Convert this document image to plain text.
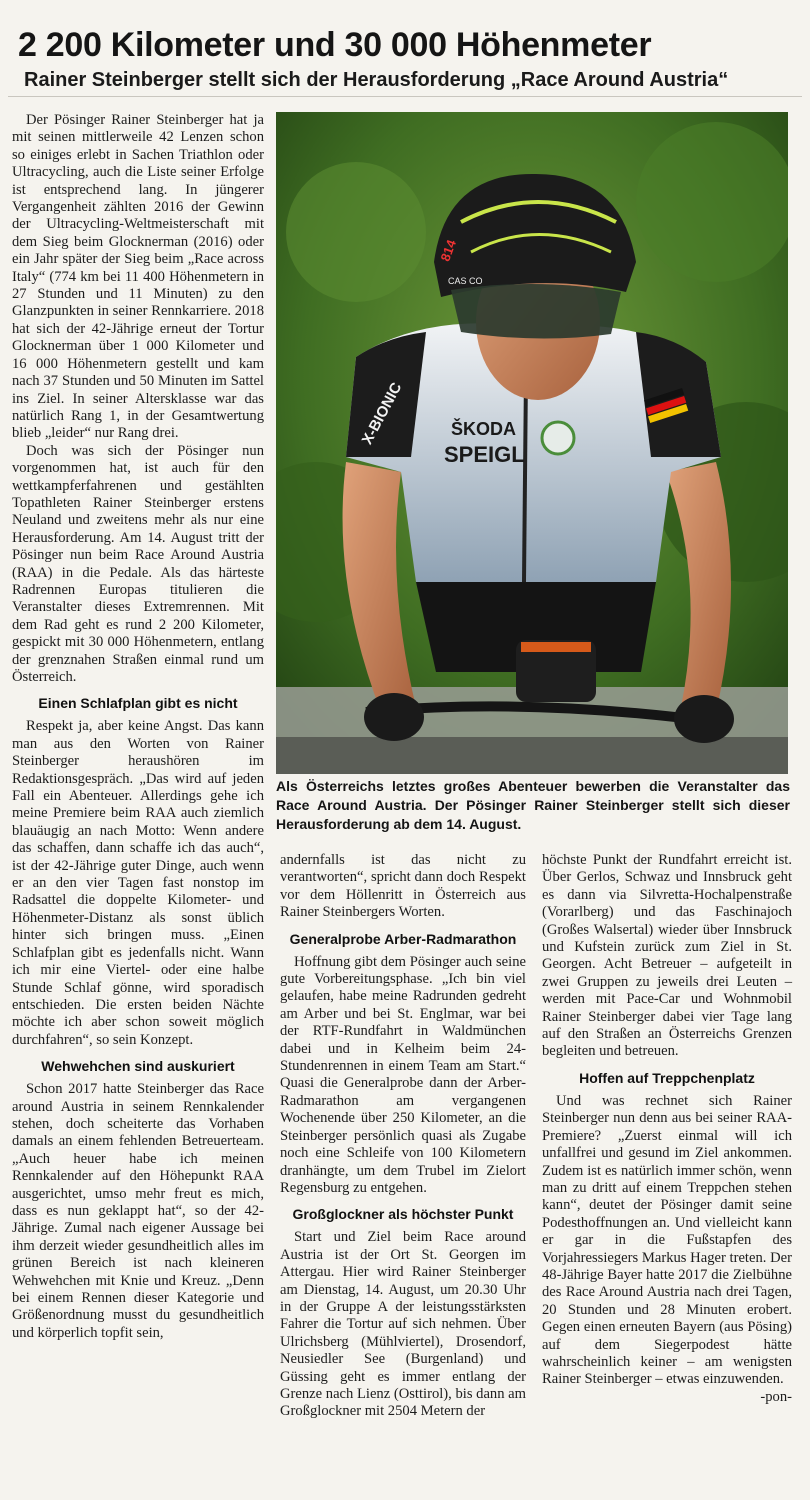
2 200 Kilometer und 30 000 Höhenmeter
Rainer Steinberger stellt sich der Herausforderung „Race Around Austria“

Der Pösinger Rainer Steinberger hat ja mit seinen mittlerweile 42 Lenzen schon so einiges erlebt in Sachen Triathlon oder Ultracycling, auch die Liste seiner Erfolge ist entsprechend lang. In jüngerer Vergangenheit zählten 2016 der Gewinn der Ultracycling-Weltmeisterschaft mit dem Sieg beim Glocknerman (2016) oder ein Jahr später der Sieg beim „Race across Italy“ (774 km bei 11 400 Höhenmetern in 27 Stunden und 11 Minuten) zu den Glanzpunkten in seiner Rennkarriere. 2018 hat sich der 42-Jährige erneut der Tortur Glocknerman über 1 000 Kilometer und 16 000 Höhenmetern gestellt und kam nach 37 Stunden und 50 Minuten im Sattel ins Ziel. In seiner Altersklasse war das natürlich Rang 1, in der Gesamtwertung blieb „leider“ nur Rang drei.

Doch was sich der Pösinger nun vorgenommen hat, ist auch für den wettkampferfahrenen und gestählten Topathleten Rainer Steinberger erstens Neuland und zweitens mehr als nur eine Herausforderung. Am 14. August tritt der Pösinger nun beim Race Around Austria (RAA) in die Pedale. Als das härteste Radrennen Europas titulieren die Veranstalter dieses Extremrennen. Mit dem Rad geht es rund 2 200 Kilometer, gespickt mit 30 000 Höhenmetern, entlang der grenznahen Straßen einmal rund um Österreich.

Einen Schlafplan gibt es nicht

Respekt ja, aber keine Angst. Das kann man aus den Worten von Rainer Steinberger heraushören im Redaktionsgespräch. „Das wird auf jeden Fall ein Abenteuer. Allerdings gehe ich meine Premiere beim RAA auch ziemlich blauäugig an nach Motto: Wenn andere das schaffen, dann schaffe ich das auch“, ist der 42-Jährige guter Dinge, auch wenn er an den vier Tagen fast nonstop im Radsattel die doppelte Kilometer- und Höhenmeter-Distanz als sonst üblich hinter sich bringen muss. „Einen Schlafplan gibt es jedenfalls nicht. Wann ich mir eine Viertel- oder eine halbe Stunde Schlaf gönne, wird sporadisch entschieden. Die ersten beiden Nächte möchte ich aber schon soweit möglich durchfahren“, so sein Konzept.

Wehwehchen sind auskuriert

Schon 2017 hatte Steinberger das Race around Austria in seinem Rennkalender stehen, doch scheiterte das Vorhaben damals an einem fehlenden Betreuerteam. „Auch heuer habe ich meinen Rennkalender auf den Höhepunkt RAA ausgerichtet, umso mehr freut es mich, dass es nun geklappt hat“, so der 42-Jährige. Zumal nach eigener Aussage bei ihm derzeit wieder gesundheitlich alles im grünen Bereich ist nach kleineren Wehwehchen mit Knie und Kreuz. „Denn bei einem Rennen dieser Kategorie und Größenordnung musst du gesundheitlich und körperlich topfit sein,

ŠKODA
SPEIGL
X-BIONIC
814
CAS CO
Als Österreichs letztes großes Abenteuer bewerben die Veranstalter das Race Around Austria. Der Pösinger Rainer Steinberger stellt sich dieser Herausforderung ab dem 14. August.

andernfalls ist das nicht zu verantworten“, spricht dann doch Respekt vor dem Höllenritt in Österreich aus Rainer Steinbergers Worten.

Generalprobe Arber-Radmarathon

Hoffnung gibt dem Pösinger auch seine gute Vorbereitungsphase. „Ich bin viel gelaufen, habe meine Radrunden gedreht am Arber und bei St. Englmar, war bei der RTF-Rundfahrt in Waldmünchen dabei und in Kelheim beim 24-Stundenrennen in einem Team am Start.“ Quasi die Generalprobe dann der Arber-Radmarathon am vergangenen Wochenende über 250 Kilometer, an die Steinberger persönlich quasi als Zugabe noch eine Schleife von 100 Kilometern dranhängte, um dem Trubel im Zielort Regensburg zu entgehen.

Großglockner als höchster Punkt

Start und Ziel beim Race around Austria ist der Ort St. Georgen im Attergau. Hier wird Rainer Steinberger am Dienstag, 14. August, um 20.30 Uhr in der Gruppe A der leistungsstärksten Fahrer die Tortur auf sich nehmen. Über Ulrichsberg (Mühlviertel), Drosendorf, Neusiedler See (Burgenland) und Güssing geht es immer entlang der Grenze nach Lienz (Osttirol), bis dann am Großglockner mit 2504 Metern der

höchste Punkt der Rundfahrt erreicht ist. Über Gerlos, Schwaz und Innsbruck geht es dann via Silvretta-Hochalpenstraße (Vorarlberg) und das Faschinajoch (Großes Walsertal) wieder über Innsbruck und Kufstein zurück zum Ziel in St. Georgen. Acht Betreuer – aufgeteilt in zwei Gruppen zu jeweils drei Leuten – werden mit Pace-Car und Wohnmobil Rainer Steinberger dabei vier Tage lang auf den Straßen an Österreichs Grenzen begleiten und betreuen.

Hoffen auf Treppchenplatz

Und was rechnet sich Rainer Steinberger nun denn aus bei seiner RAA-Premiere? „Zuerst einmal will ich unfallfrei und gesund im Ziel ankommen. Zudem ist es natürlich immer schön, wenn man zu dritt auf einem Treppchen stehen kann“, deutet der Pösinger damit seine Podesthoffnungen an. Und vielleicht kann er gar in die Fußstapfen des Vorjahressiegers Markus Hager treten. Der 48-Jährige Bayer hatte 2017 die Zielbühne des Race Around Austria nach drei Tagen, 20 Stunden und 28 Minuten erobert. Gegen einen erneuten Bayern (aus Pösing) auf dem Siegerpodest hätte wahrscheinlich keiner – am wenigsten Rainer Steinberger – etwas einzuwenden.

-pon-
